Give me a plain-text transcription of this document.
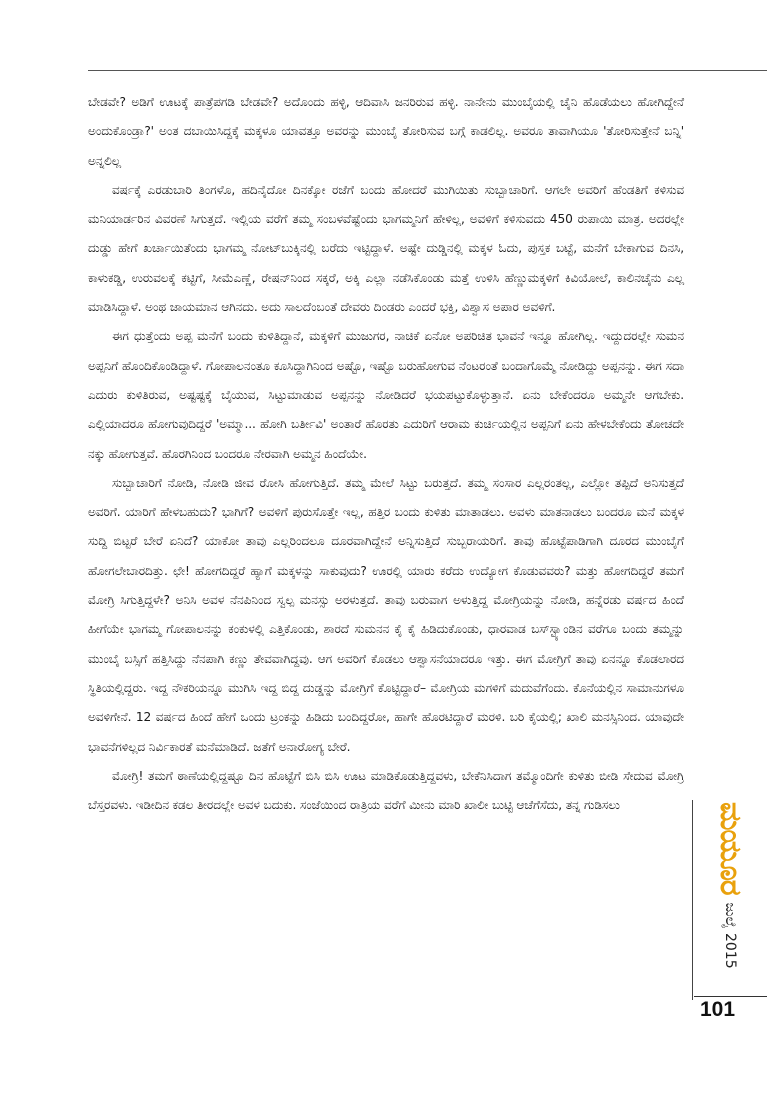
ಬೇಡವೇ? ಅಡಿಗೆ ಊಟಕ್ಕೆ ಪಾತ್ರೆಪಗಡಿ ಬೇಡವೇ? ಅದೊಂದು ಹಳ್ಳಿ, ಆದಿವಾಸಿ ಜನರಿರುವ ಹಳ್ಳಿ. ನಾನೇನು ಮುಂಬೈಯಲ್ಲಿ ಚೈನಿ ಹೊಡೆಯಲು ಹೋಗಿದ್ದೇನೆ ಅಂದುಕೊಂಡ್ರಾ?' ಅಂತ ದಬಾಯಿಸಿದ್ದಕ್ಕೆ ಮಕ್ಕಳೂ ಯಾವತ್ತೂ ಅವರನ್ನು ಮುಂಬೈ ತೋರಿಸುವ ಬಗ್ಗೆ ಕಾಡಲಿಲ್ಲ. ಅವರೂ ತಾವಾಗಿಯೂ 'ತೋರಿಸುತ್ತೇನೆ ಬನ್ನಿ' ಅನ್ನಲಿಲ್ಲ

ವರ್ಷಕ್ಕೆ ಎರಡುಬಾರಿ ತಿಂಗಳೊ, ಹದಿನೈದೋ ದಿನಕ್ಕೋ ರಜೆಗೆ ಬಂದು ಹೋದರೆ ಮುಗಿಯಿತು ಸುಬ್ಬಾಚಾರಿಗೆ. ಆಗಲೇ ಅವರಿಗೆ ಹೆಂಡತಿಗೆ ಕಳಿಸುವ ಮನಿಯಾರ್ಡರಿನ ವಿವರಣೆ ಸಿಗುತ್ತದೆ. ಇಲ್ಲಿಯ ವರೆಗೆ ತಮ್ಮ ಸಂಬಳವೆಷ್ಟೆಂದು ಭಾಗಮ್ಮನಿಗೆ ಹೇಳಿಲ್ಲ, ಅವಳಿಗೆ ಕಳಿಸುವದು 450 ರುಪಾಯಿ ಮಾತ್ರ. ಅದರಲ್ಲೇ ದುಡ್ಡು ಹೇಗೆ ಖರ್ಚಾಯಿತೆಂದು ಭಾಗಮ್ಮ ನೋಟ್‌ಬುಕ್ಕಿನಲ್ಲಿ ಬರೆದು ಇಟ್ಟಿದ್ದಾಳೆ. ಅಷ್ಟೇ ದುಡ್ಡಿನಲ್ಲಿ ಮಕ್ಕಳ ಓದು, ಪುಸ್ತಕ ಬಟ್ಟೆ, ಮನೆಗೆ ಬೇಕಾಗುವ ದಿನಸಿ, ಕಾಳುಕಡ್ಡಿ, ಉರುವಲಕ್ಕೆ ಕಟ್ಟಿಗೆ, ಸೀಮೆಎಣ್ಣೆ, ರೇಷನ್‌ನಿಂದ ಸಕ್ಕರೆ, ಅಕ್ಕಿ ಎಲ್ಲಾ ನಡೆಸಿಕೊಂಡು ಮತ್ತೆ ಉಳಿಸಿ ಹೆಣ್ಣುಮಕ್ಕಳಿಗೆ ಕಿವಿಯೋಲೆ, ಕಾಲಿನಚೈನು ಎಲ್ಲ ಮಾಡಿಸಿದ್ದಾಳೆ. ಅಂಥ ಜಾಯಮಾನ ಆಗಿನದು. ಅದು ಸಾಲದೆಂಬಂತೆ ದೇವರು ದಿಂಡರು ಎಂದರೆ ಭಕ್ತಿ, ವಿಶ್ವಾಸ ಅಪಾರ ಅವಳಿಗೆ.

ಈಗ ಧುತ್ತೆಂದು ಅಪ್ಪ ಮನೆಗೆ ಬಂದು ಕುಳಿತಿದ್ದಾನೆ, ಮಕ್ಕಳಿಗೆ ಮುಜುಗರ, ನಾಚಿಕೆ ಏನೋ ಅಪರಿಚಿತ ಭಾವನೆ ಇನ್ನೂ ಹೋಗಿಲ್ಲ. ಇದ್ದುದರಲ್ಲೇ ಸುಮನ ಅಪ್ಪನಿಗೆ ಹೊಂದಿಕೊಂಡಿದ್ದಾಳೆ. ಗೋಪಾಲನಂತೂ ಕೂಸಿದ್ದಾಗಿನಿಂದ ಅಷ್ಟೊ, ಇಷ್ಟೊ ಬರುಹೋಗುವ ನೆಂಟರಂತೆ ಬಂದಾಗೊಮ್ಮೆ ನೋಡಿದ್ದು ಅಪ್ಪನನ್ನು. ಈಗ ಸದಾ ಎದುರು ಕುಳಿತಿರುವ, ಅಷ್ಟಷ್ಟಕ್ಕೆ ಬೈಯುವ, ಸಿಟ್ಟುಮಾಡುವ ಅಪ್ಪನನ್ನು ನೋಡಿದರೆ ಭಯಪಟ್ಟುಕೊಳ್ಳುತ್ತಾನೆ. ಏನು ಬೇಕೆಂದರೂ ಅಮ್ಮನೇ ಆಗಬೇಕು. ಎಲ್ಲಿಯಾದರೂ ಹೋಗುವುದಿದ್ದರೆ 'ಅಮ್ಮಾ... ಹೋಗಿ ಬರ್ತೀವಿ' ಅಂತಾರೆ ಹೊರತು ಎದುರಿಗೆ ಆರಾಮ ಕುರ್ಚಿಯಲ್ಲಿನ ಅಪ್ಪನಿಗೆ ಏನು ಹೇಳಬೇಕೆಂದು ತೋಚದೇ ನಕ್ಕು ಹೋಗುತ್ತವೆ. ಹೊರಗಿನಿಂದ ಬಂದರೂ ನೇರವಾಗಿ ಅಮ್ಮನ ಹಿಂದೆಯೇ.

ಸುಬ್ಬಾಚಾರಿಗೆ ನೋಡಿ, ನೋಡಿ ಜೀವ ರೋಸಿ ಹೋಗುತ್ತಿದೆ. ತಮ್ಮ ಮೇಲೆ ಸಿಟ್ಟು ಬರುತ್ತದೆ. ತಮ್ಮ ಸಂಸಾರ ಎಲ್ಲರಂತಲ್ಲ, ಎಲ್ಲೋ ತಪ್ಪಿದೆ ಅನಿಸುತ್ತದೆ ಅವರಿಗೆ. ಯಾರಿಗೆ ಹೇಳಬಹುದು? ಭಾಗಿಗೆ? ಅವಳಿಗೆ ಪುರುಸೊತ್ತೇ ಇಲ್ಲ, ಹತ್ತಿರ ಬಂದು ಕುಳಿತು ಮಾತಾಡಲು. ಅವಳು ಮಾತನಾಡಲು ಬಂದರೂ ಮನೆ ಮಕ್ಕಳ ಸುದ್ದಿ ಬಿಟ್ಟರೆ ಬೇರೆ ಏನಿದೆ? ಯಾಕೋ ತಾವು ಎಲ್ಲರಿಂದಲೂ ದೂರವಾಗಿದ್ದೇನೆ ಅನ್ನಿಸುತ್ತಿದೆ ಸುಬ್ಬರಾಯರಿಗೆ. ತಾವು ಹೊಟ್ಟೆಪಾಡಿಗಾಗಿ ದೂರದ ಮುಂಬೈಗೆ ಹೋಗಲೇಬಾರದಿತ್ತು. ಛೇ! ಹೋಗದಿದ್ದರೆ ಹ್ಯಾಗೆ ಮಕ್ಕಳನ್ನು ಸಾಕುವುದು? ಊರಲ್ಲಿ ಯಾರು ಕರೆದು ಉದ್ಯೋಗ ಕೊಡುವವರು? ಮತ್ತು ಹೋಗದಿದ್ದರೆ ತಮಗೆ ಮೋಗ್ರಿ ಸಿಗುತ್ತಿದ್ದಳೇ? ಅನಿಸಿ ಅವಳ ನೆನಪಿನಿಂದ ಸ್ವಲ್ಪ ಮನಸ್ಸು ಅರಳುತ್ತದೆ. ತಾವು ಬರುವಾಗ ಅಳುತ್ತಿದ್ದ ಮೋಗ್ರಿಯನ್ನು ನೋಡಿ, ಹನ್ನೆರಡು ವರ್ಷದ ಹಿಂದೆ ಹೀಗೆಯೇ ಭಾಗಮ್ಮ ಗೋಪಾಲನನ್ನು ಕಂಕುಳಲ್ಲಿ ಎತ್ತಿಕೊಂಡು, ಶಾರದೆ ಸುಮನನ ಕೈ ಕೈ ಹಿಡಿದುಕೊಂಡು, ಧಾರವಾಡ ಬಸ್‌ಸ್ಟ್ಯಾಂಡಿನ ವರೆಗೂ ಬಂದು ತಮ್ಮನ್ನು ಮುಂಬೈ ಬಸ್ಸಿಗೆ ಹತ್ತಿಸಿದ್ದು ನೆನಪಾಗಿ ಕಣ್ಣು ತೇವವಾಗಿದ್ದವು. ಆಗ ಅವರಿಗೆ ಕೊಡಲು ಆಶ್ವಾಸನೆಯಾದರೂ ಇತ್ತು. ಈಗ ಮೋಗ್ರಿಗೆ ತಾವು ಏನನ್ನೂ ಕೊಡಲಾರದ ಸ್ಥಿತಿಯಲ್ಲಿದ್ದರು. ಇದ್ದ ನೌಕರಿಯನ್ನೂ ಮುಗಿಸಿ ಇದ್ದ ಬಿದ್ದ ದುಡ್ಡನ್ನು ಮೋಗ್ರಿಗೆ ಕೊಟ್ಟಿದ್ದಾರೆ– ಮೋಗ್ರಿಯ ಮಗಳಿಗೆ ಮದುವೆಗೆಂದು. ಕೊನೆಯಲ್ಲಿನ ಸಾಮಾನುಗಳೂ ಅವಳಿಗೇನೆ. 12 ವರ್ಷದ ಹಿಂದೆ ಹೇಗೆ ಒಂದು ಟ್ರಂಕನ್ನು ಹಿಡಿದು ಬಂದಿದ್ದರೋ, ಹಾಗೇ ಹೊರಟಿದ್ದಾರೆ ಮರಳಿ. ಬರಿ ಕೈಯಲ್ಲಿ; ಖಾಲಿ ಮನಸ್ಸಿನಿಂದ. ಯಾವುದೇ ಭಾವನೆಗಳಿಲ್ಲದ ನಿರ್ವಿಕಾರತೆ ಮನೆಮಾಡಿದೆ. ಜತೆಗೆ ಅನಾರೋಗ್ಯ ಬೇರೆ.

ಮೋಗ್ರಿ! ತಮಗೆ ಠಾಣೆಯಲ್ಲಿದ್ದಷ್ಟೂ ದಿನ ಹೊಟ್ಟೆಗೆ ಬಿಸಿ ಬಿಸಿ ಊಟ ಮಾಡಿಕೊಡುತ್ತಿದ್ದವಳು, ಬೇಕೆನಿಸಿದಾಗ ತಮ್ಮೊಂದಿಗೇ ಕುಳಿತು ಬೀಡಿ ಸೇದುವ ಮೋಗ್ರಿ ಬೆಸ್ತರವಳು. ಇಡೀದಿನ ಕಡಲ ತೀರದಲ್ಲೇ ಅವಳ ಬದುಕು. ಸಂಜೆಯಿಂದ ರಾತ್ರಿಯ ವರೆಗೆ ಮೀನು ಮಾರಿ ಖಾಲೀ ಬುಟ್ಟಿ ಆಚೆಗೆಸೆದು, ತನ್ನ ಗುಡಿಸಲು	ಮಯೂರ
ಜುಲೈ 2015
101
